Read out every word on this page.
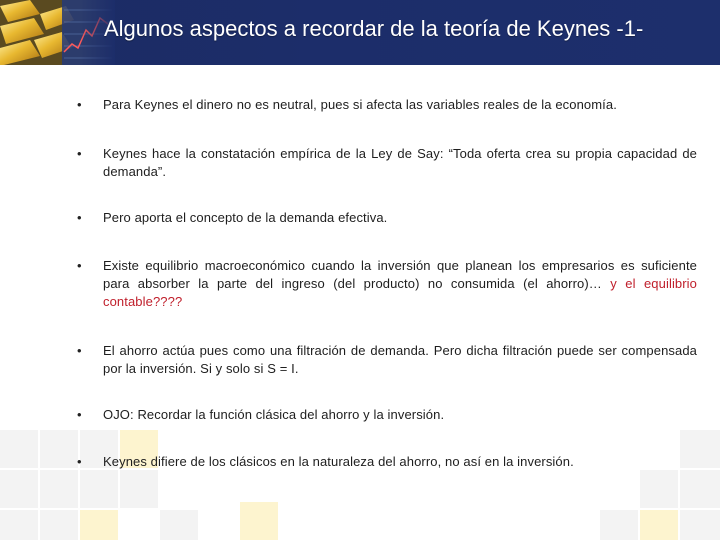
Algunos aspectos a recordar de la teoría de Keynes -1-
•	Para Keynes el dinero no es neutral, pues si afecta las variables reales de la economía.
•	Keynes hace la constatación empírica de la Ley de Say: “Toda oferta crea su propia capacidad de demanda”.
•	Pero aporta el concepto de la demanda efectiva.
•	Existe equilibrio macroeconómico cuando la inversión que planean los empresarios es suficiente para absorber la parte del ingreso (del producto) no consumida (el ahorro)… y el equilibrio contable????
•	El ahorro actúa pues como una filtración de demanda. Pero dicha filtración puede ser compensada por la inversión. Si y solo si S = I.
•	OJO: Recordar la función clásica del ahorro y la inversión.
•	Keynes difiere de los clásicos en la naturaleza del ahorro, no así en la inversión.
